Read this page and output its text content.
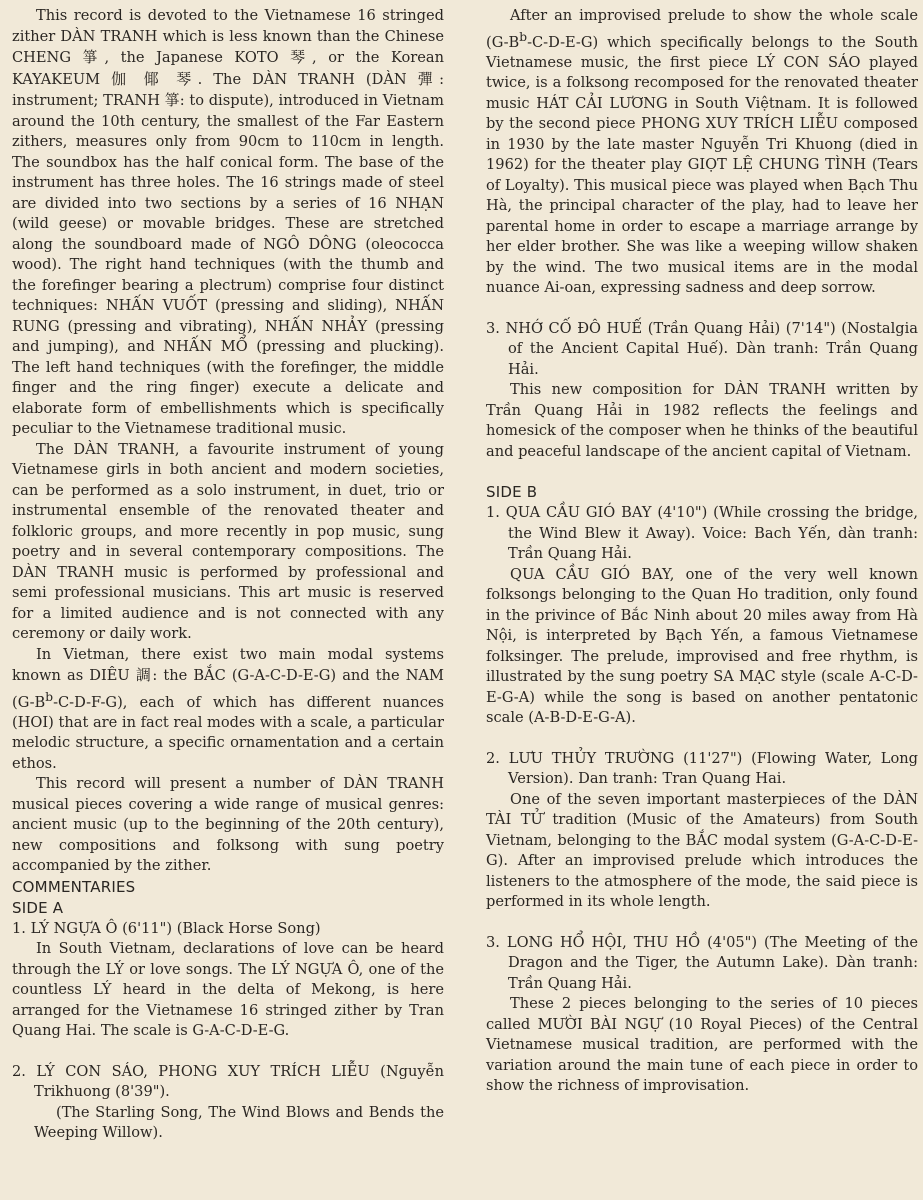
This record is devoted to the Vietnamese 16 stringed zither DÀN TRANH which is less known than the Chinese CHENG 箏, the Japanese KOTO 琴, or the Korean KAYAKEUM 伽 倻 琴. The DÀN TRANH (DÀN 彈: instrument; TRANH 箏: to dispute), introduced in Vietnam around the 10th century, the smallest of the Far Eastern zithers, measures only from 90cm to 110cm in length. The soundbox has the half conical form. The base of the instrument has three holes. The 16 strings made of steel are divided into two sections by a series of 16 NHẠN (wild geese) or movable bridges. These are stretched along the soundboard made of NGÔ DÔNG (oleococca wood). The right hand techniques (with the thumb and the forefinger bearing a plectrum) comprise four distinct techniques: NHẤN VUỐT (pressing and sliding), NHẤN RUNG (pressing and vibrating), NHẤN NHẢY (pressing and jumping), and NHẤN MỔ (pressing and plucking). The left hand techniques (with the forefinger, the middle finger and the ring finger) execute a delicate and elaborate form of embellishments which is specifically peculiar to the Vietnamese traditional music.

The DÀN TRANH, a favourite instrument of young Vietnamese girls in both ancient and modern societies, can be performed as a solo instrument, in duet, trio or instrumental ensemble of the renovated theater and folkloric groups, and more recently in pop music, sung poetry and in several contemporary compositions. The DÀN TRANH music is performed by professional and semi professional musicians. This art music is reserved for a limited audience and is not connected with any ceremony or daily work.

In Vietman, there exist two main modal systems known as DIÊU 調: the BẮC (G-A-C-D-E-G) and the NAM $(G-B^b-C-D-F-G)$, each of which has different nuances (HOI) that are in fact real modes with a scale, a particular melodic structure, a specific ornamentation and a certain ethos.

This record will present a number of DÀN TRANH musical pieces covering a wide range of musical genres: ancient music (up to the beginning of the 20th century), new compositions and folksong with sung poetry accompanied by the zither.

COMMENTARIES
SIDE A

1. LÝ NGỰA Ô (6'11") (Black Horse Song)

In South Vietnam, declarations of love can be heard through the LÝ or love songs. The LÝ NGỰA Ô, one of the countless LÝ heard in the delta of Mekong, is here arranged for the Vietnamese 16 stringed zither by Tran Quang Hai. The scale is G-A-C-D-E-G.

2. LÝ CON SÁO, PHONG XUY TRÍCH LIỄU (Nguyễn Trikhuong (8'39").

(The Starling Song, The Wind Blows and Bends the Weeping Willow).

After an improvised prelude to show the whole scale $(G-B^b-C-D-E-G)$ which specifically belongs to the South Vietnamese music, the first piece LÝ CON SÁO played twice, is a folksong recomposed for the renovated theater music HÁT CẢI LƯƠNG in South Việtnam. It is followed by the second piece PHONG XUY TRÍCH LIỄU composed in 1930 by the late master Nguyễn Tri Khuong (died in 1962) for the theater play GIỌT LỆ CHUNG TÌNH (Tears of Loyalty). This musical piece was played when Bạch Thu Hà, the principal character of the play, had to leave her parental home in order to escape a marriage arrange by her elder brother. She was like a weeping willow shaken by the wind. The two musical items are in the modal nuance Ai-oan, expressing sadness and deep sorrow.

3. NHỚ CỐ ĐÔ HUẾ (Trần Quang Hải) (7'14") (Nostalgia of the Ancient Capital Huế). Dàn tranh: Trần Quang Hải.

This new composition for DÀN TRANH written by Trần Quang Hải in 1982 reflects the feelings and homesick of the composer when he thinks of the beautiful and peaceful landscape of the ancient capital of Vietnam.

SIDE B

1. QUA CẦU GIÓ BAY (4'10") (While crossing the bridge, the Wind Blew it Away). Voice: Bach Yến, dàn tranh: Trần Quang Hải.

QUA CẦU GIÓ BAY, one of the very well known folksongs belonging to the Quan Ho tradition, only found in the privince of Bắc Ninh about 20 miles away from Hà Nội, is interpreted by Bạch Yến, a famous Vietnamese folksinger. The prelude, improvised and free rhythm, is illustrated by the sung poetry SA MẠC style (scale A-C-D-E-G-A) while the song is based on another pentatonic scale (A-B-D-E-G-A).

2. LƯU THỦY TRƯỜNG (11'27") (Flowing Water, Long Version). Dan tranh: Tran Quang Hai.

One of the seven important masterpieces of the DÀN TÀI TỬ tradition (Music of the Amateurs) from South Vietnam, belonging to the BẮC modal system (G-A-C-D-E-G). After an improvised prelude which introduces the listeners to the atmosphere of the mode, the said piece is performed in its whole length.

3. LONG HỔ HỘI, THU HỒ (4'05") (The Meeting of the Dragon and the Tiger, the Autumn Lake). Dàn tranh: Trần Quang Hải.

These 2 pieces belonging to the series of 10 pieces called MƯỜI BÀI NGỰ (10 Royal Pieces) of the Central Vietnamese musical tradition, are performed with the variation around the main tune of each piece in order to show the richness of improvisation.
